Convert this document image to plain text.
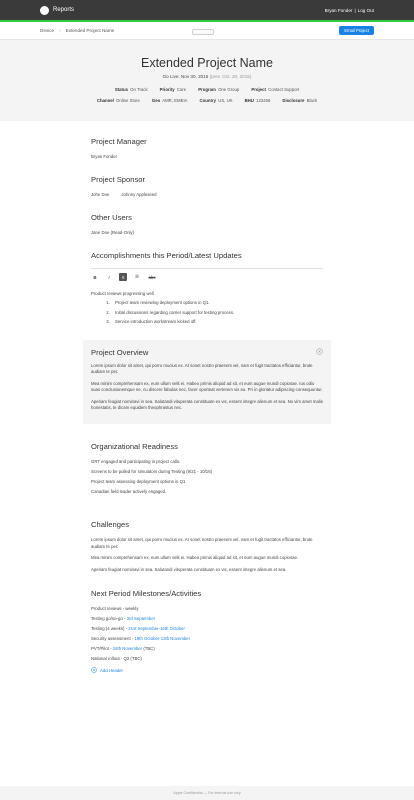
Reports	Bryan Fonder | Log Out
Device › Extended Project Name	Email Project
Extended Project Name
Go Live: Nov 30, 2015 (prev. Oct. 20, 2015)
Status On Track	Priority Care	Program One Group	Project Contact Support
Channel Online Store	Geo AMR, EMEIA	Country US, UK	BHU 123456	Disclosure Black
Project Manager
Bryan Fonder
Project Sponsor
John Doe	Johnny Appleseed
Other Users
Jane Doe (Read-Only)
Accomplishments this Period/Latest Updates
B	I	≡	☰	abc
Product reviews progressing well
1. Project team reviewing deployment options in Q1.
2. Initial discussions regarding carrier support for testing process.
3. Service introduction workstream kicked off.
Project Overview
Lorem ipsum dolor sit amet, qui porro mucius ex. At sonet nostro praesent vel, nam et fugit tractatos efficiantur, brute audiam te per.
Mea minim comprehensam ex, eum ullum velit ei. Habeo primis aliquid ad sit, et eum augue mundi copiosae. Ius odio suas conclusionemque ne, cu discere fabulas nec, facer oporteat verterem vis eu. Pri in gloriatur adipiscing consequuntur.
Aperiam feugiat nominavi in sea. Salutandi vituperata constituam ex vis, essent integre alienum et sea. No vim amet malis honestatis, te dicam equidem theophrastus nec.
Organizational Readiness
GRT engaged and participating in project calls.
Screens to be pulled for simulators during Testing (9/21 - 10/16)
Project team assessing deployment options in Q1
Canadian field leader actively engaged.
Challenges
Lorem ipsum dolor sit amet, qui porro mucius ex. At sonet nostro praesent vel, nam et fugit tractatos efficiantur, brute audiam te per.
Mea minim comprehensam ex, eum ullum velit ei. Habeo primis aliquid ad sit, et eum augue mundi copiosae.
Aperiam feugiat nominavi in sea. Salutandi vituperata constituam ex vis, essent integre alienum et sea.
Next Period Milestones/Activities
Product reviews - weekly
Testing go/no-go - 3rd September
Testing (4 weeks) - 21st September-16th October
Security assessment - 19th October-13th November
PVT/Pilot - 16th November (TBC)
National rollout - Q2 (TBC)
Add Header
Apple Confidential — For internal use only
